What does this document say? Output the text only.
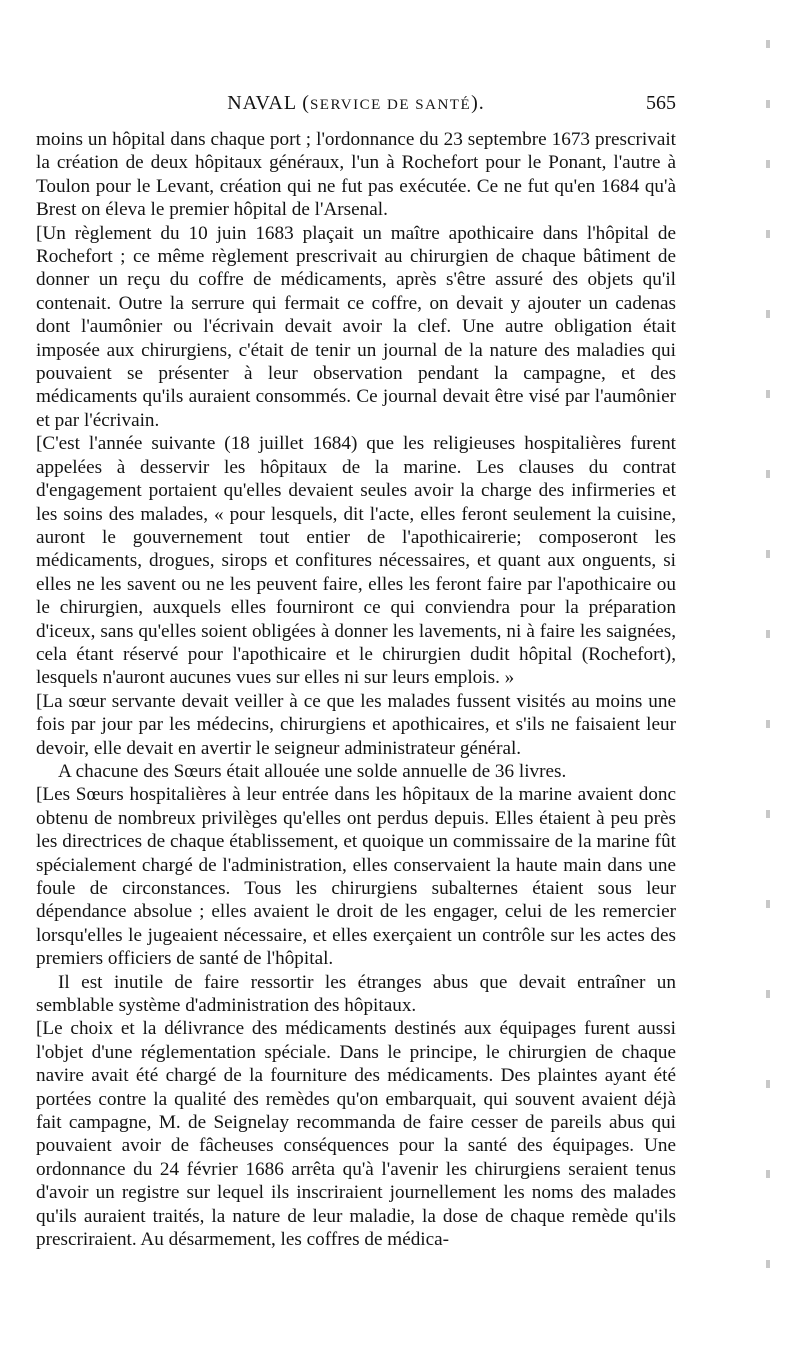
NAVAL (SERVICE DE SANTÉ).	565

moins un hôpital dans chaque port ; l'ordonnance du 23 septembre 1673 prescrivait la création de deux hôpitaux généraux, l'un à Rochefort pour le Ponant, l'autre à Toulon pour le Levant, création qui ne fut pas exécutée. Ce ne fut qu'en 1684 qu'à Brest on éleva le premier hôpital de l'Arsenal.

[Un règlement du 10 juin 1683 plaçait un maître apothicaire dans l'hôpital de Rochefort ; ce même règlement prescrivait au chirurgien de chaque bâtiment de donner un reçu du coffre de médicaments, après s'être assuré des objets qu'il contenait. Outre la serrure qui fermait ce coffre, on devait y ajouter un cadenas dont l'aumônier ou l'écrivain devait avoir la clef. Une autre obligation était imposée aux chirurgiens, c'était de tenir un journal de la nature des maladies qui pouvaient se présenter à leur observation pendant la campagne, et des médicaments qu'ils auraient consommés. Ce journal devait être visé par l'aumônier et par l'écrivain.

[C'est l'année suivante (18 juillet 1684) que les religieuses hospitalières furent appelées à desservir les hôpitaux de la marine. Les clauses du contrat d'engagement portaient qu'elles devaient seules avoir la charge des infirmeries et les soins des malades, « pour lesquels, dit l'acte, elles feront seulement la cuisine, auront le gouvernement tout entier de l'apothicairerie; composeront les médicaments, drogues, sirops et confitures nécessaires, et quant aux onguents, si elles ne les savent ou ne les peuvent faire, elles les feront faire par l'apothicaire ou le chirurgien, auxquels elles fourniront ce qui conviendra pour la préparation d'iceux, sans qu'elles soient obligées à donner les lavements, ni à faire les saignées, cela étant réservé pour l'apothicaire et le chirurgien dudit hôpital (Rochefort), lesquels n'auront aucunes vues sur elles ni sur leurs emplois. »

[La sœur servante devait veiller à ce que les malades fussent visités au moins une fois par jour par les médecins, chirurgiens et apothicaires, et s'ils ne faisaient leur devoir, elle devait en avertir le seigneur administrateur général.

A chacune des Sœurs était allouée une solde annuelle de 36 livres.

[Les Sœurs hospitalières à leur entrée dans les hôpitaux de la marine avaient donc obtenu de nombreux privilèges qu'elles ont perdus depuis. Elles étaient à peu près les directrices de chaque établissement, et quoique un commissaire de la marine fût spécialement chargé de l'administration, elles conservaient la haute main dans une foule de circonstances. Tous les chirurgiens subalternes étaient sous leur dépendance absolue ; elles avaient le droit de les engager, celui de les remercier lorsqu'elles le jugeaient nécessaire, et elles exerçaient un contrôle sur les actes des premiers officiers de santé de l'hôpital.

Il est inutile de faire ressortir les étranges abus que devait entraîner un semblable système d'administration des hôpitaux.

[Le choix et la délivrance des médicaments destinés aux équipages furent aussi l'objet d'une réglementation spéciale. Dans le principe, le chirurgien de chaque navire avait été chargé de la fourniture des médicaments. Des plaintes ayant été portées contre la qualité des remèdes qu'on embarquait, qui souvent avaient déjà fait campagne, M. de Seignelay recommanda de faire cesser de pareils abus qui pouvaient avoir de fâcheuses conséquences pour la santé des équipages. Une ordonnance du 24 février 1686 arrêta qu'à l'avenir les chirurgiens seraient tenus d'avoir un registre sur lequel ils inscriraient journellement les noms des malades qu'ils auraient traités, la nature de leur maladie, la dose de chaque remède qu'ils prescriraient. Au désarmement, les coffres de médica-
